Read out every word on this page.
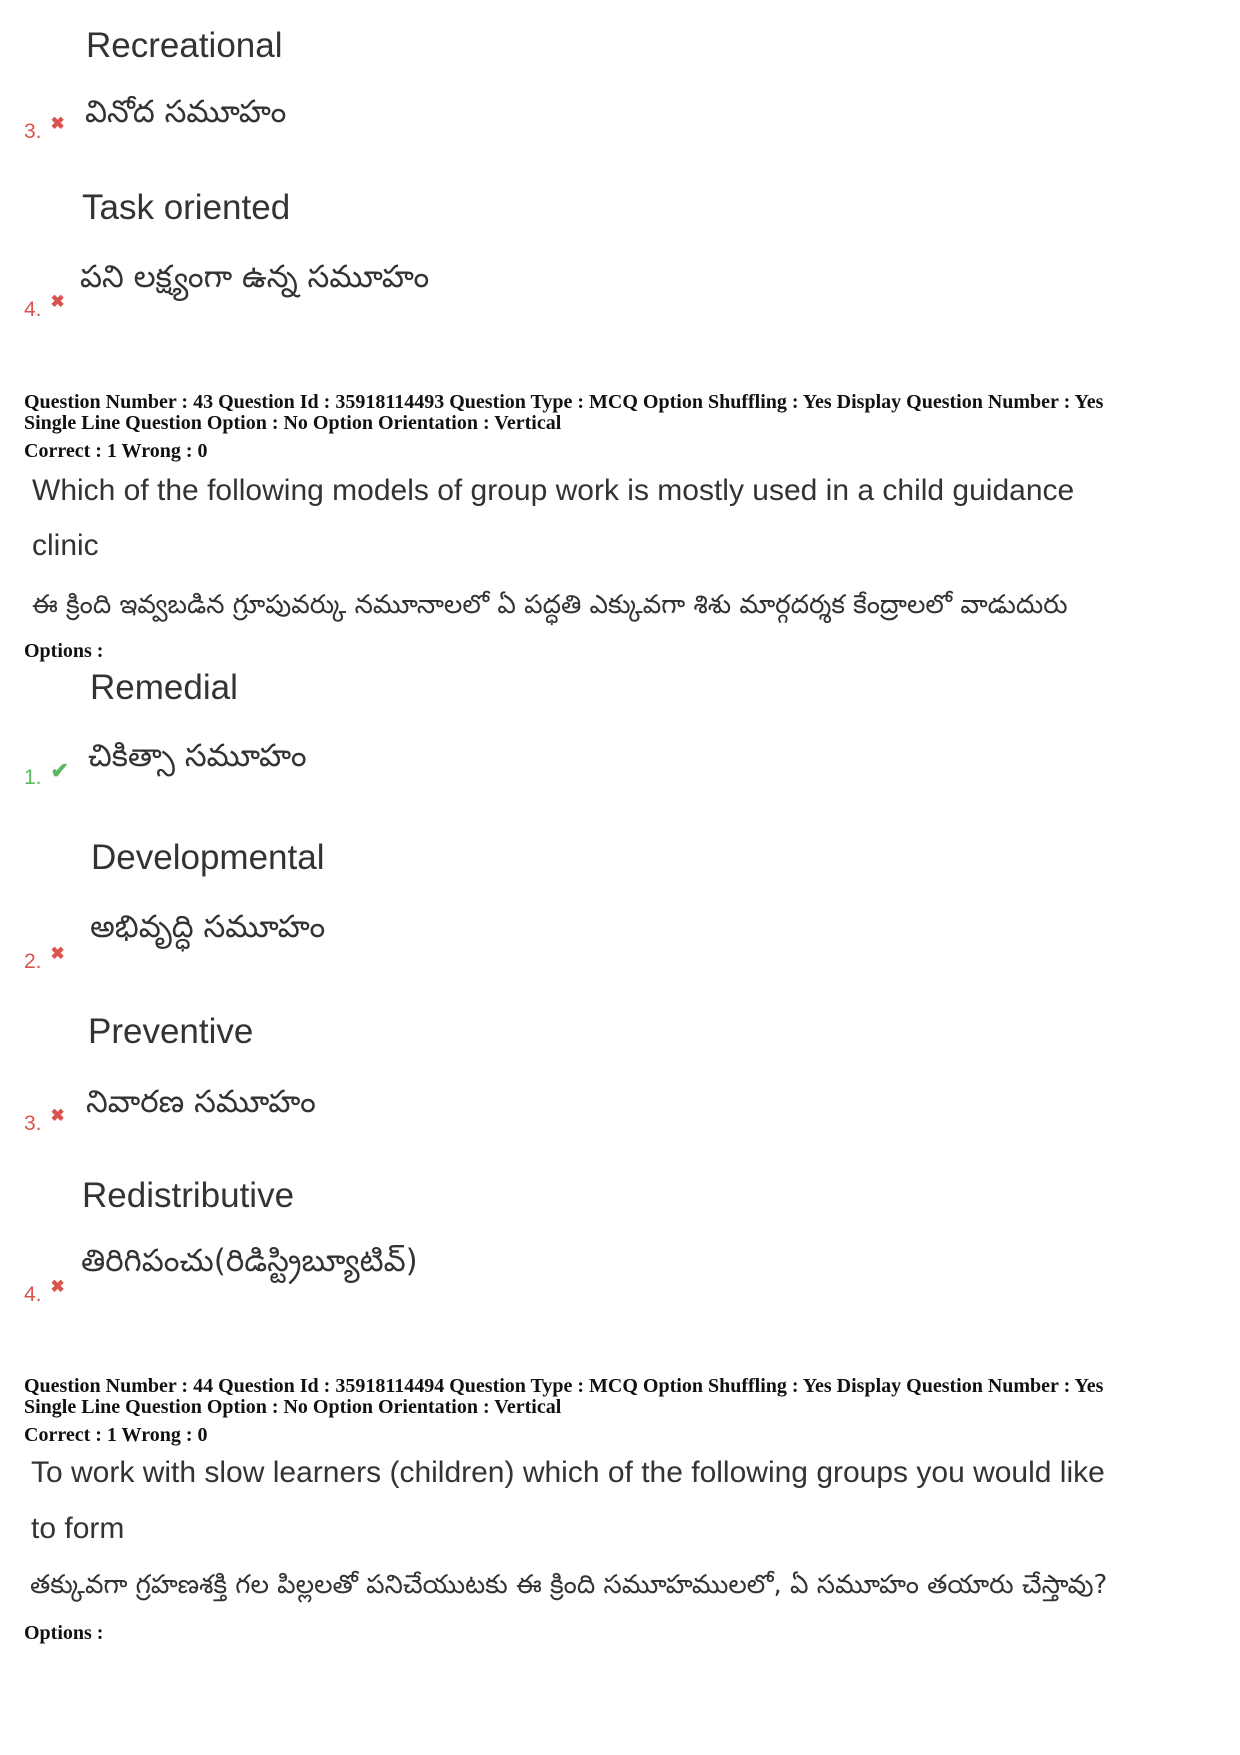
Recreational
వినోద సమూహం
3. ✖
Task oriented
పని లక్ష్యంగా ఉన్న సమూహం
4. ✖
Question Number : 43 Question Id : 35918114493 Question Type : MCQ Option Shuffling : Yes Display Question Number : Yes
Single Line Question Option : No Option Orientation : Vertical
Correct : 1 Wrong : 0
Which of the following models of group work is mostly used in a child guidance
clinic
ఈ క్రింది ఇవ్వబడిన గ్రూపువర్కు నమూనాలలో ఏ పద్ధతి ఎక్కువగా శిశు మార్గదర్శక కేంద్రాలలో వాడుదురు
Options :
Remedial
చికిత్సా సమూహం
1. ✔
Developmental
అభివృద్ధి సమూహం
2. ✖
Preventive
నివారణ సమూహం
3. ✖
Redistributive
తిరిగిపంచు(రిడిస్ట్రిబ్యూటివ్)
4. ✖
Question Number : 44 Question Id : 35918114494 Question Type : MCQ Option Shuffling : Yes Display Question Number : Yes
Single Line Question Option : No Option Orientation : Vertical
Correct : 1 Wrong : 0
To work with slow learners (children) which of the following groups you would like
to form
తక్కువగా గ్రహణశక్తి గల పిల్లలతో పనిచేయుటకు ఈ క్రింది సమూహములలో, ఏ సమూహం తయారు చేస్తావు?
Options :
